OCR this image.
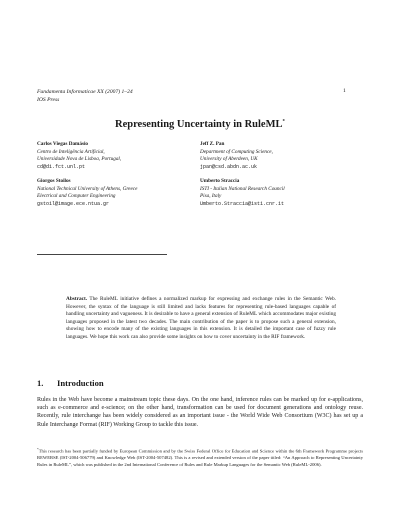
Fundamenta Informaticae XX (2007) 1–24
IOS Press
1
Representing Uncertainty in RuleML*
Carlos Viegas Damásio
Centro de Inteligência Artificial,
Universidade Nova de Lisboa, Portugal,
cd@di.fct.unl.pt
Jeff Z. Pan
Department of Computing Science,
University of Aberdeen, UK
jpan@csd.abdn.ac.uk
Giorgos Stoilos
National Technical University of Athens, Greece
Electrical and Computer Engineering
gstoil@image.ece.ntua.gr
Umberto Straccia
ISTI - Italian National Research Council
Pisa, Italy
Umberto.Straccia@isti.cnr.it
Abstract. The RuleML initiative defines a normalized markup for expressing and exchange rules in the Semantic Web. However, the syntax of the language is still limited and lacks features for representing rule-based languages capable of handling uncertainty and vagueness. It is desirable to have a general extension of RuleML which accommodates major existing languages proposed in the latest two decades. The main contribution of the paper is to propose such a general extension, showing how to encode many of the existing languages in this extension. It is detailed the important case of fuzzy rule languages. We hope this work can also provide some insights on how to cover uncertainty in the RIF framework.
1. Introduction
Rules in the Web have become a mainstream topic these days. On the one hand, inference rules can be marked up for e-applications, such as e-commerce and e-science; on the other hand, transformation can be used for document generations and ontology reuse. Recently, rule interchange has been widely considered as an important issue - the World Wide Web Consortium (W3C) has set up a Rule Interchange Format (RIF) Working Group to tackle this issue.
*This research has been partially funded by European Commission and by the Swiss Federal Office for Education and Science within the 6th Framework Programme projects REWERSE (IST-2004-506779) and Knowledge Web (IST-2004-507482). This is a revised and extended version of the paper titled: “An Approach to Representing Uncertainty Rules in RuleML”, which was published in the 2nd International Conference of Rules and Rule Markup Languages for the Semantic Web (RuleML-2006).
